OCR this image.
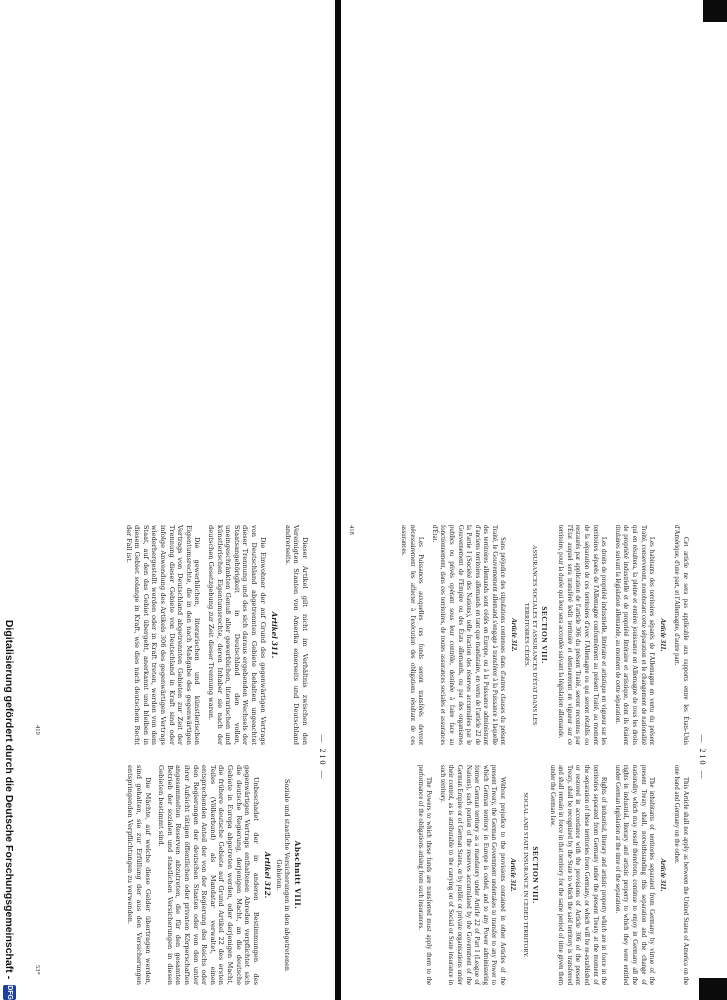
— 210 —

Cet article ne sera pas applicable aux rapports entre les États-Unis d'Amérique, d'une part, et l'Allemagne, d'autre part.

Article 311.

Les habitants des territoires séparés de l'Allemagne en vertu du présent Traité, conserveront, nonobstant cette séparation et le changement de nationalité qui en résultera, la pleine et entière jouissance en Allemagne de tous les droits de propriété industrielle et de propriété littéraire et artistique, dont ils étaient titulaires suivant la législation allemande, au moment de cette séparation.

Les droits de propriété industrielle, littéraire et artistique en vigueur sur les territoires séparés de l'Allemagne conformément au présent Traité, au moment de la séparation de ces territoires d'avec l'Allemagne ou qui seront rétablis ou restaurés par application de l'article 306 du présent Traité, seront reconnus par l'État auquel sera transféré ledit territoire et demeureront en vigueur sur ce territoire, pour la durée qui leur sera accordée suivant la législation allemande.

SECTION VIII.
ASSURANCES SOCIALES ET ASSURANCES D'ÉTAT DANS LES TERRITOIRES CÉDÉS.
Article 312.

Sans préjudice des stipulations contenues dans d'autres clauses du présent Traité, le Gouvernement allemand s'engage à transférer à la Puissance à laquelle des territoires allemands sont cédés en Europe, ou à la Puissance administrant d'anciens territoires allemands en tant que mandataire, en vertu de l'article 22 de la Partie I (Société des Nations), telle fraction des réserves accumulées par le Gouvernement de l'Empire ou des États allemands, ou par des organismes publics ou privés opérant sous leur contrôle, destinée à faire face au fonctionnement, dans ces territoires, de toutes assurances sociales et assurances d'État.

Les Puissances auxquelles ces fonds seront transférés devront nécessairement les affecter à l'exécution des obligations résultant de ces assurances.

This Article shall not apply as between the United States of America on the one hand and Germany on the other.

Article 311.

The inhabitants of territories separated from Germany by virtue of the present Treaty shall, notwithstanding this separation and the change of nationality which may result therefrom, continue to enjoy in Germany all the rights in industrial, literary and artistic property to which they were entitled under German legislation at the time of the separation.

Rights of industrial, literary and artistic property which are in force in the territories separated from Germany under the present Treaty at the moment of the separation of these territories from Germany, or which will be re-established or restored in accordance with the provisions of Article 306 of the present Treaty, shall be recognized by the State to which the said territory is transferred and shall remain in force in that territory for the same period of time given them under the German law.

SECTION VIII.
SOCIAL AND STATE INSURANCE IN CEDED TERRITORY.
Article 312.

Without prejudice to the provisions contained in other Articles of the present Treaty, the German Government undertakes to transfer to any Power to which German territory in Europe is ceded, and to any Power administering former German territory as a mandatory under Article 22 of Part I (League of Nations), such portion of the reserves accumulated by the Government of the German Empire or of German States, or by public or private organisations under their control, as is attributable to the carrying on of Social or State insurance in such territory.

The Powers to which these funds are transferred must apply them to the performance of the obligations arising from such insurances.

418
— 210 —

Dieser Artikel gilt nicht im Verhältnis zwischen den Vereinigten Staaten von Amerika einerseits und Deutschland andrerseits.

Artikel 311.

Die Einwohner der auf Grund des gegenwärtigen Vertrags von Deutschland abgetrennten Gebiete behalten ungeachtet dieser Trennung und des sich daraus ergebenden Wechsels der Staatsangehörigkeit in Deutschland den vollen, uneingeschränkten Genuß aller gewerblichen, literarischen und künstlerischen Eigentumsrechte, deren Inhaber sie nach der deutschen Gesetzgebung zur Zeit dieser Trennung waren.

Die gewerblichen, literarischen und künstlerischen Eigentumsrechte, die in den nach Maßgabe des gegenwärtigen Vertrags von Deutschland abgetrennten Gebieten zur Zeit der Trennung dieser Gebiete von Deutschland in Kraft sind oder infolge Anwendung des Artikels 306 des gegenwärtigen Vertrags wiederhergestellt werden oder in Kraft treten, werden von dem Staat, auf den das Gebiet übergeht, anerkannt und bleiben in diesem Gebiet solange in Kraft, wie dies nach deutschem Recht der Fall ist.

Abschnitt VIII.
Soziale und staatliche Versicherungen in den abgetretenen Gebieten.
Artikel 312.

Unbeschadet der in anderen Bestimmungen des gegenwärtigen Vertrags enthaltenen Abreden verpflichtet sich die deutsche Regierung, derjenigen Macht, an die deutsche Gebiete in Europa abgetreten werden, oder derjenigen Macht, die frühere deutsche Gebiete auf Grund Artikel 22 des ersten Teiles (Völkerbund) als Mandatar verwaltet, einen entsprechenden Anteil der von der Regierung des Reichs oder den Regierungen der deutschen Staaten oder von den unter ihrer Aufsicht tätigen öffentlichen oder privaten Körperschaften angesammelten Reserven abzutreten, die für den gesamten Betrieb der sozialen und staatlichen Versicherungen in diesen Gebieten bestimmt sind.

Die Mächte, auf welche diese Gelder übertragen werden, sind gehalten, sie zur Erfüllung der aus den Versicherungen entspringenden Verpflichtungen zu verwenden.

419
53*
Digitalisierung gefördert durch die Deutsche Forschungsgemeinschaft -
DFG
